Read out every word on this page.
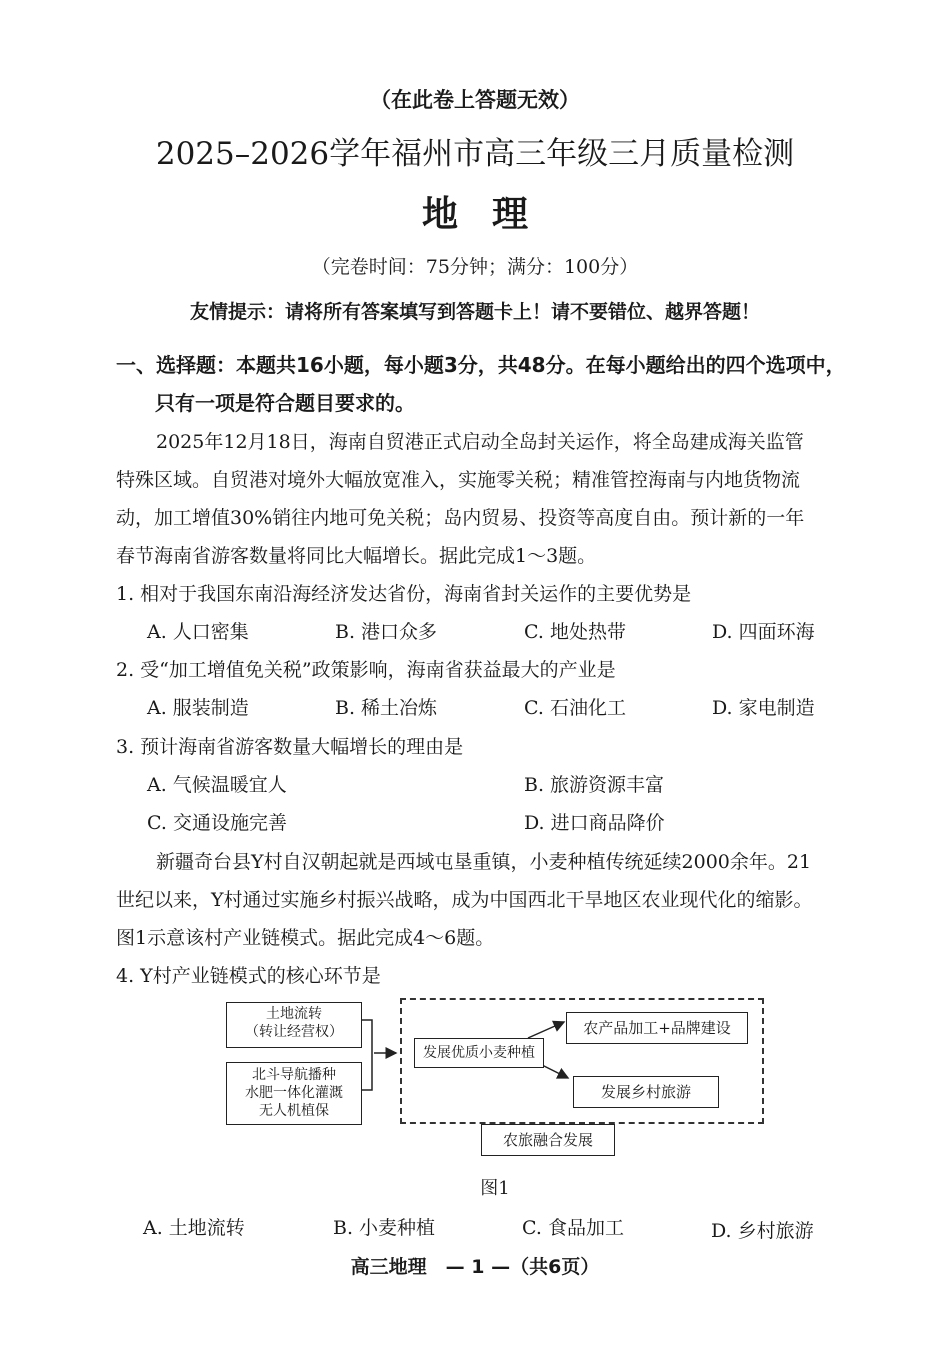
（在此卷上答题无效）
2025–2026学年福州市高三年级三月质量检测
地理
（完卷时间：75分钟；满分：100分）
友情提示：请将所有答案填写到答题卡上！请不要错位、越界答题！
一、选择题：本题共16小题，每小题3分，共48分。在每小题给出的四个选项中，
只有一项是符合题目要求的。
2025年12月18日，海南自贸港正式启动全岛封关运作，将全岛建成海关监管
特殊区域。自贸港对境外大幅放宽准入，实施零关税；精准管控海南与内地货物流
动，加工增值30%销往内地可免关税；岛内贸易、投资等高度自由。预计新的一年
春节海南省游客数量将同比大幅增长。据此完成1～3题。
1. 相对于我国东南沿海经济发达省份，海南省封关运作的主要优势是
A. 人口密集	B. 港口众多	C. 地处热带	D. 四面环海
2. 受“加工增值免关税”政策影响，海南省获益最大的产业是
A. 服装制造	B. 稀土冶炼	C. 石油化工	D. 家电制造
3. 预计海南省游客数量大幅增长的理由是
A. 气候温暖宜人	B. 旅游资源丰富
C. 交通设施完善	D. 进口商品降价
新疆奇台县Y村自汉朝起就是西域屯垦重镇，小麦种植传统延续2000余年。21
世纪以来，Y村通过实施乡村振兴战略，成为中国西北干旱地区农业现代化的缩影。
图1示意该村产业链模式。据此完成4～6题。
4. Y村产业链模式的核心环节是
土地流转
（转让经营权）
北斗导航播种
水肥一体化灌溉
无人机植保
发展优质小麦种植
农产品加工+品牌建设
发展乡村旅游
农旅融合发展
图1
A. 土地流转	B. 小麦种植	C. 食品加工	D. 乡村旅游
高三地理　— 1 —（共6页）
